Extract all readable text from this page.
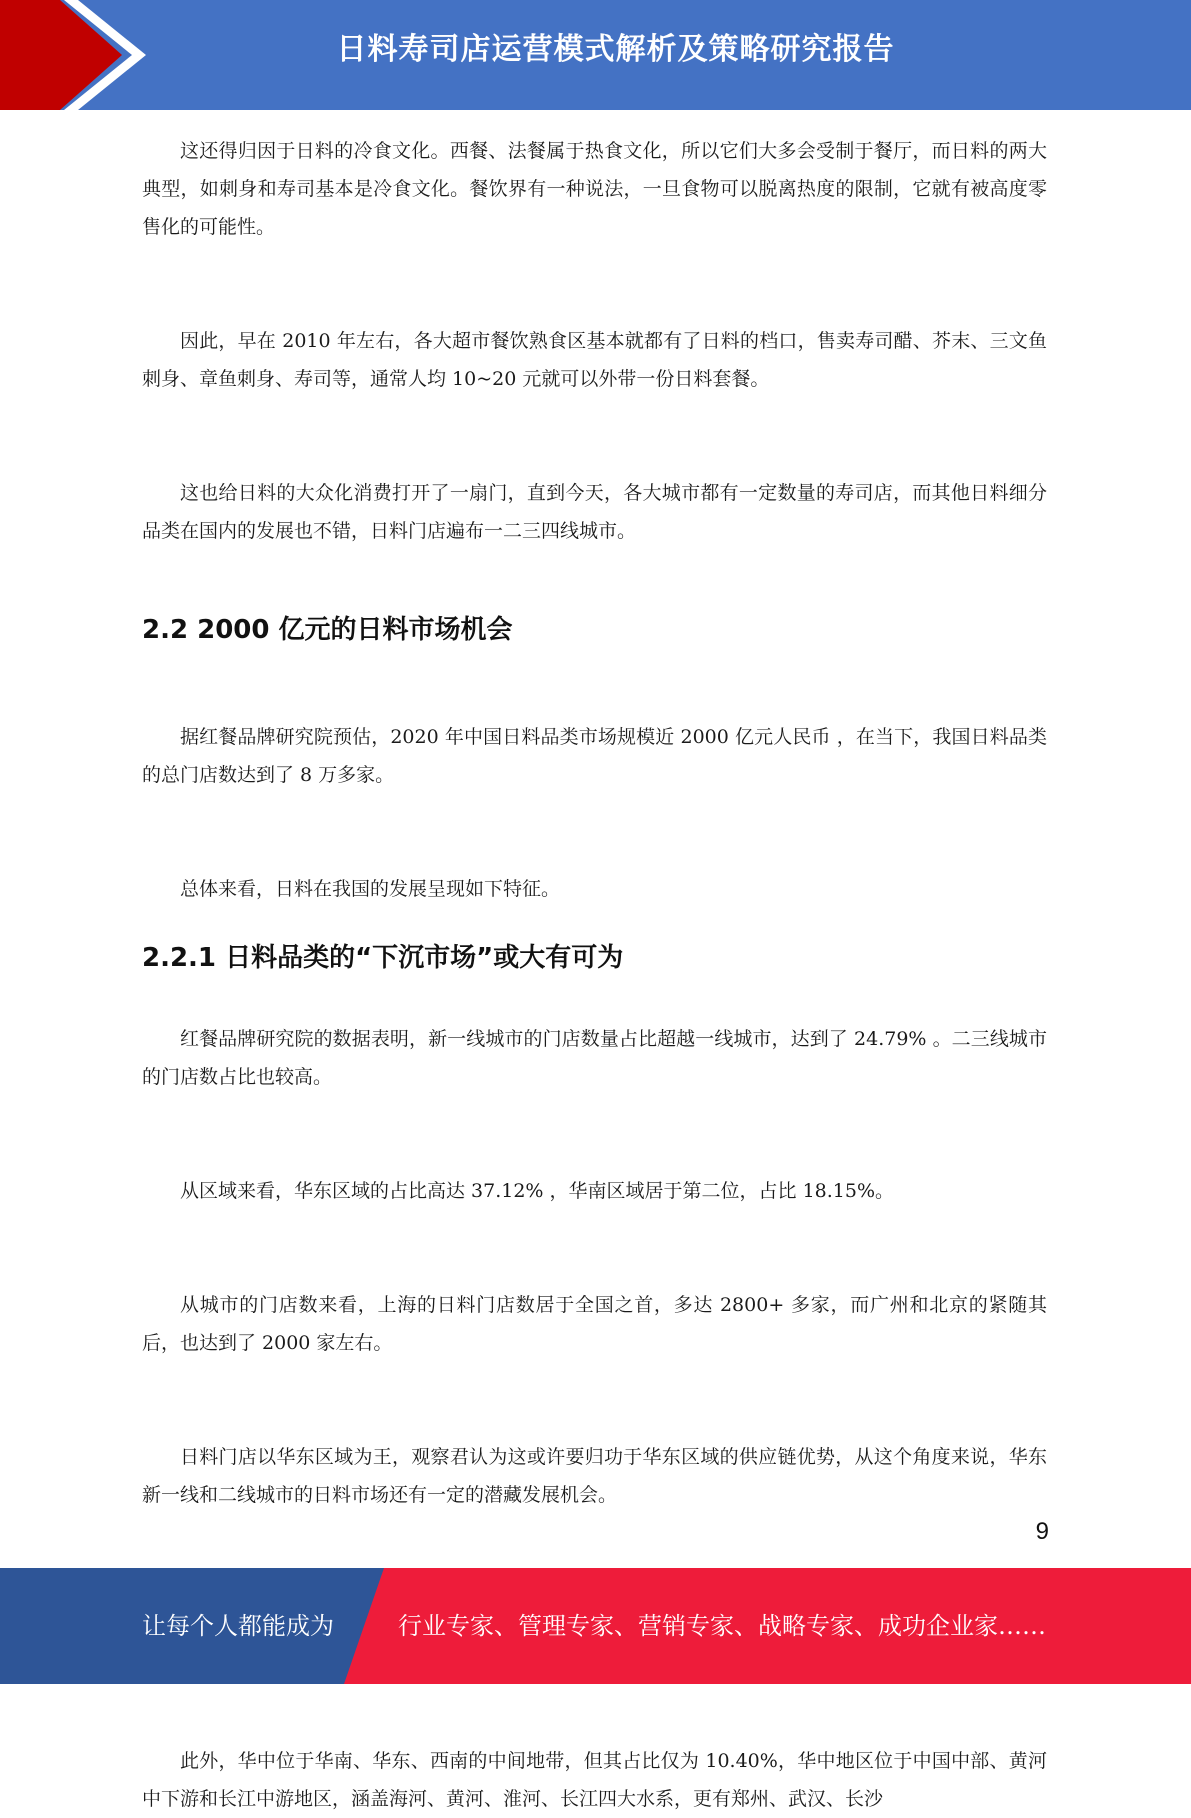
日料寿司店运营模式解析及策略研究报告

这还得归因于日料的冷食文化。西餐、法餐属于热食文化，所以它们大多会受制于餐厅，而日料的两大典型，如刺身和寿司基本是冷食文化。餐饮界有一种说法，一旦食物可以脱离热度的限制，它就有被高度零售化的可能性。

因此，早在 2010 年左右，各大超市餐饮熟食区基本就都有了日料的档口，售卖寿司醋、芥末、三文鱼刺身、章鱼刺身、寿司等，通常人均 10~20 元就可以外带一份日料套餐。

这也给日料的大众化消费打开了一扇门，直到今天，各大城市都有一定数量的寿司店，而其他日料细分品类在国内的发展也不错，日料门店遍布一二三四线城市。

2.2 2000 亿元的日料市场机会

据红餐品牌研究院预估，2020 年中国日料品类市场规模近 2000 亿元人民币 ，在当下，我国日料品类的总门店数达到了 8 万多家。

总体来看，日料在我国的发展呈现如下特征。

2.2.1 日料品类的“下沉市场”或大有可为

红餐品牌研究院的数据表明，新一线城市的门店数量占比超越一线城市，达到了 24.79% 。二三线城市的门店数占比也较高。

从区域来看，华东区域的占比高达 37.12% ，华南区域居于第二位，占比 18.15%。

从城市的门店数来看，上海的日料门店数居于全国之首，多达 2800+ 多家，而广州和北京的紧随其后，也达到了 2000 家左右。

日料门店以华东区域为王，观察君认为这或许要归功于华东区域的供应链优势，从这个角度来说，华东新一线和二线城市的日料市场还有一定的潜藏发展机会。

此外，华中位于华南、华东、西南的中间地带，但其占比仅为 10.40%，华中地区位于中国中部、黄河中下游和长江中游地区，涵盖海河、黄河、淮河、长江四大水系，更有郑州、武汉、长沙

9
让每个人都能成为	行业专家、管理专家、营销专家、战略专家、成功企业家……
